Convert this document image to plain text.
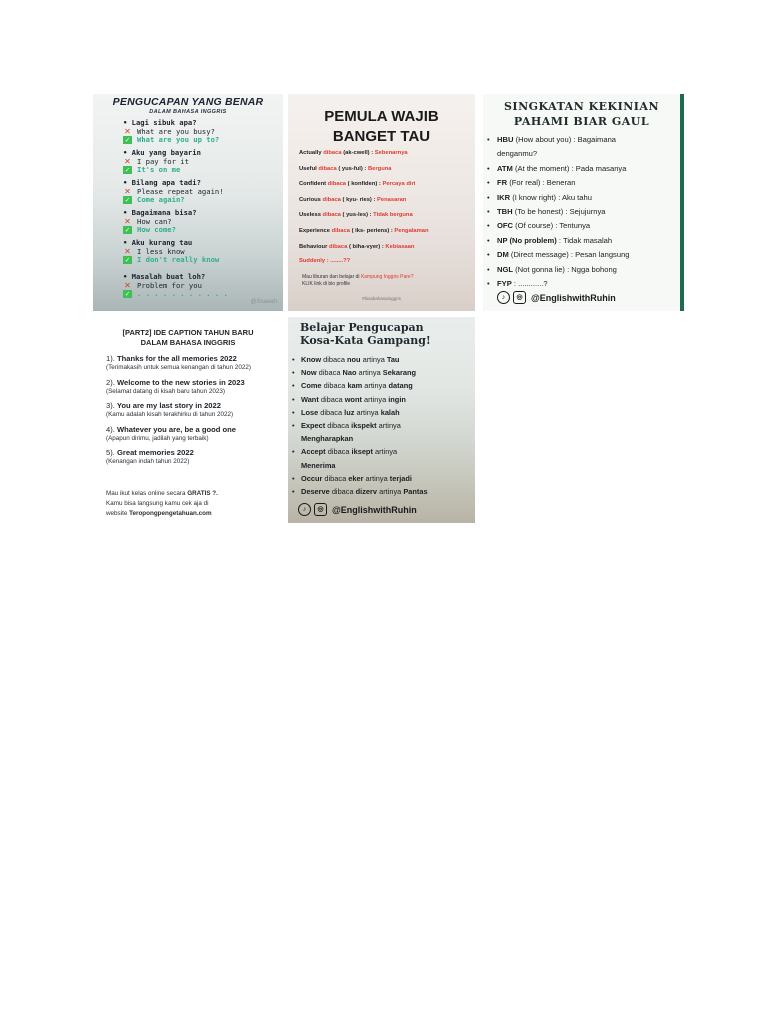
PENGUCAPAN YANG BENAR
DALAM BAHASA INGGRIS
• Lagi sibuk apa?
✕ What are you busy?
✓ What are you up to?
• Aku yang bayarin
✕ I pay for it
✓ It's on me
• Bilang apa tadi?
✕ Please repeat again!
✓ Come again?
• Bagaimana bisa?
✕ How can?
✓ How come?
• Aku kurang tau
✕ I less know
✓ I don't really know
• Masalah buat loh?
✕ Problem for you
✓ . . . . . . . . . . .
@Ssaeah
PEMULA WAJIB
BANGET TAU
Actually dibaca (ak-cwell) : Sebenarnya
Useful dibaca ( yus-ful) : Berguna
Confident dibaca ( konfiden) : Percaya diri
Curious dibaca ( kyu- ries) : Penasaran
Useless dibaca ( yus-les) : Tidak berguna
Experience dibaca ( iks- periens) : Pengalaman
Behaviour dibaca ( biha-vyer) : Kebiasaan
Suddenly : ........??
Mau liburan dan belajar di Kampung Inggris Pare?
KLIK link di bio profile
#bisabahasainggris
SINGKATAN KEKINIAN
PAHAMI BIAR GAUL
• HBU (How about you) : Bagaimana
denganmu?
• ATM (At the moment) : Pada masanya
• FR (For real) : Beneran
• IKR (I know right) : Aku tahu
• TBH (To be honest) : Sejujurnya
• OFC (Of course) : Tentunya
• NP (No problem) : Tidak masalah
• DM (Direct message) : Pesan langsung
• NGL (Not gonna lie) : Ngga bohong
• FYP : ............?
♪	◎ @EnglishwithRuhin
[PART2] IDE CAPTION TAHUN BARU
DALAM BAHASA INGGRIS
1). Thanks for the all memories 2022
(Terimakasih untuk semua kenangan di tahun 2022)
2). Welcome to the new stories in 2023
(Selamat datang di kisah baru tahun 2023)
3). You are my last story in 2022
(Kamu adalah kisah terakhirku di tahun 2022)
4). Whatever you are, be a good one
(Apapun dirimu, jadilah yang terbaik)
5). Great memories 2022
(Kenangan indah tahun 2022)
Mau ikut kelas online secara GRATIS ?.
Kamu bisa langsung kamu cek aja di
website Teropongpengetahuan.com
Belajar Pengucapan
Kosa-Kata Gampang!
• Know dibaca nou artinya Tau
• Now dibaca Nao artinya Sekarang
• Come dibaca kam artinya datang
• Want dibaca wont artinya ingin
• Lose dibaca luz artinya kalah
• Expect dibaca ikspekt artinya
Mengharapkan
• Accept dibaca iksept artinya
Menerima
• Occur dibaca eker artinya terjadi
• Deserve dibaca dizerv artinya Pantas
♪	◎ @EnglishwithRuhin
